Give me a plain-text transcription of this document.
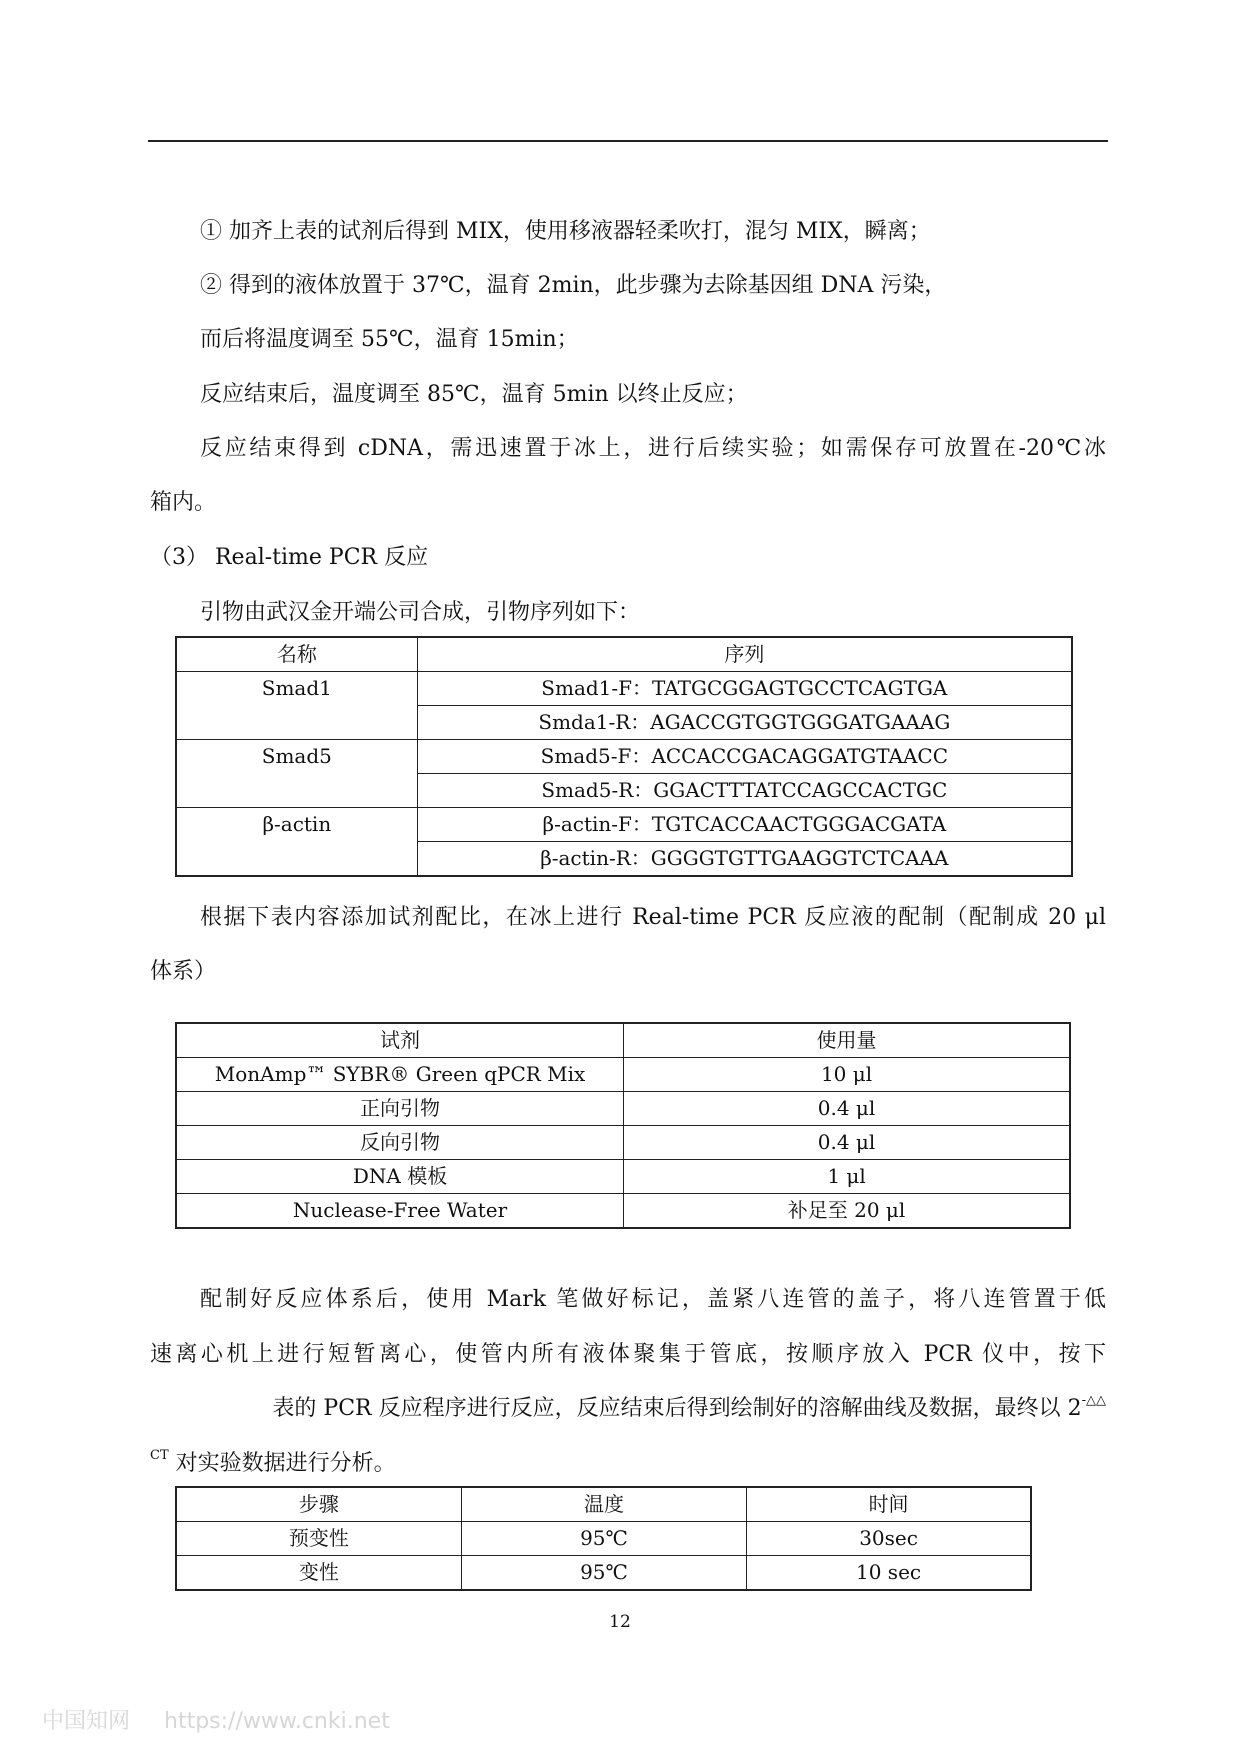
① 加齐上表的试剂后得到 MIX，使用移液器轻柔吹打，混匀 MIX，瞬离；
② 得到的液体放置于 37℃，温育 2min，此步骤为去除基因组 DNA 污染，
而后将温度调至 55℃，温育 15min；
反应结束后，温度调至 85℃，温育 5min 以终止反应；
反应结束得到 cDNA，需迅速置于冰上，进行后续实验；如需保存可放置在-20℃冰
箱内。
（3） Real-time PCR 反应
引物由武汉金开端公司合成，引物序列如下：
名称	序列
Smad1	Smad1-F：TATGCGGAGTGCCTCAGTGA
	Smda1-R：AGACCGTGGTGGGATGAAAG
Smad5	Smad5-F：ACCACCGACAGGATGTAACC
	Smad5-R：GGACTTTATCCAGCCACTGC
β-actin	β-actin-F：TGTCACCAACTGGGACGATA
	β-actin-R：GGGGTGTTGAAGGTCTCAAA
根据下表内容添加试剂配比，在冰上进行 Real-time PCR 反应液的配制（配制成 20 μl
体系）
试剂	使用量
MonAmp™ SYBR® Green qPCR Mix	10 μl
正向引物	0.4 μl
反向引物	0.4 μl
DNA 模板	1 μl
Nuclease-Free Water	补足至 20 μl
配制好反应体系后，使用 Mark 笔做好标记，盖紧八连管的盖子，将八连管置于低
速离心机上进行短暂离心，使管内所有液体聚集于管底，按顺序放入 PCR 仪中，按下
表的 PCR 反应程序进行反应，反应结束后得到绘制好的溶解曲线及数据，最终以 2-△△
$^{CT}$ 对实验数据进行分析。
步骤	温度	时间
预变性	95℃	30sec
变性	95℃	10 sec
12
中国知网 https://www.cnki.net
